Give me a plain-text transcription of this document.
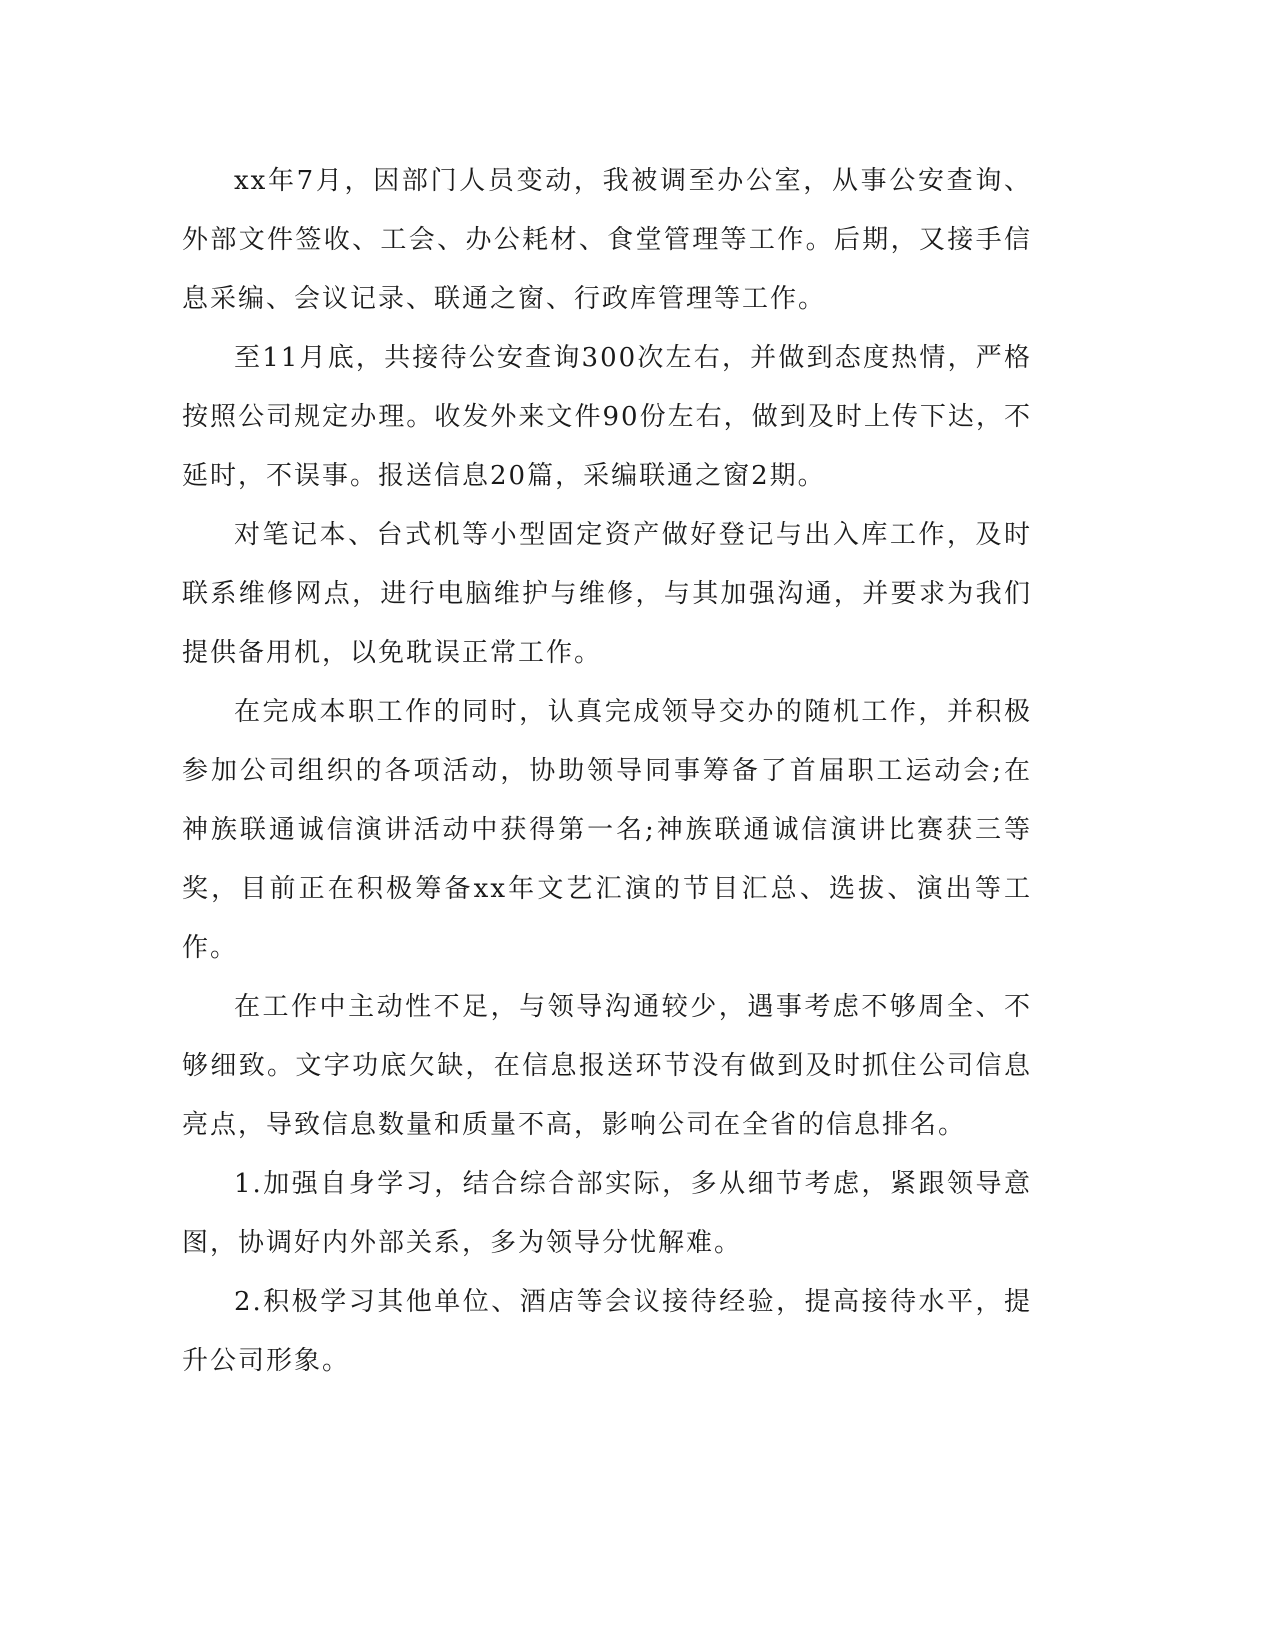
xx年7月，因部门人员变动，我被调至办公室，从事公安查询、外部文件签收、工会、办公耗材、食堂管理等工作。后期，又接手信息采编、会议记录、联通之窗、行政库管理等工作。

至11月底，共接待公安查询300次左右，并做到态度热情，严格按照公司规定办理。收发外来文件90份左右，做到及时上传下达，不延时，不误事。报送信息20篇，采编联通之窗2期。

对笔记本、台式机等小型固定资产做好登记与出入库工作，及时联系维修网点，进行电脑维护与维修，与其加强沟通，并要求为我们提供备用机，以免耽误正常工作。

在完成本职工作的同时，认真完成领导交办的随机工作，并积极参加公司组织的各项活动，协助领导同事筹备了首届职工运动会;在神族联通诚信演讲活动中获得第一名;神族联通诚信演讲比赛获三等奖，目前正在积极筹备xx年文艺汇演的节目汇总、选拔、演出等工作。

在工作中主动性不足，与领导沟通较少，遇事考虑不够周全、不够细致。文字功底欠缺，在信息报送环节没有做到及时抓住公司信息亮点，导致信息数量和质量不高，影响公司在全省的信息排名。

1.加强自身学习，结合综合部实际，多从细节考虑，紧跟领导意图，协调好内外部关系，多为领导分忧解难。

2.积极学习其他单位、酒店等会议接待经验，提高接待水平，提升公司形象。
